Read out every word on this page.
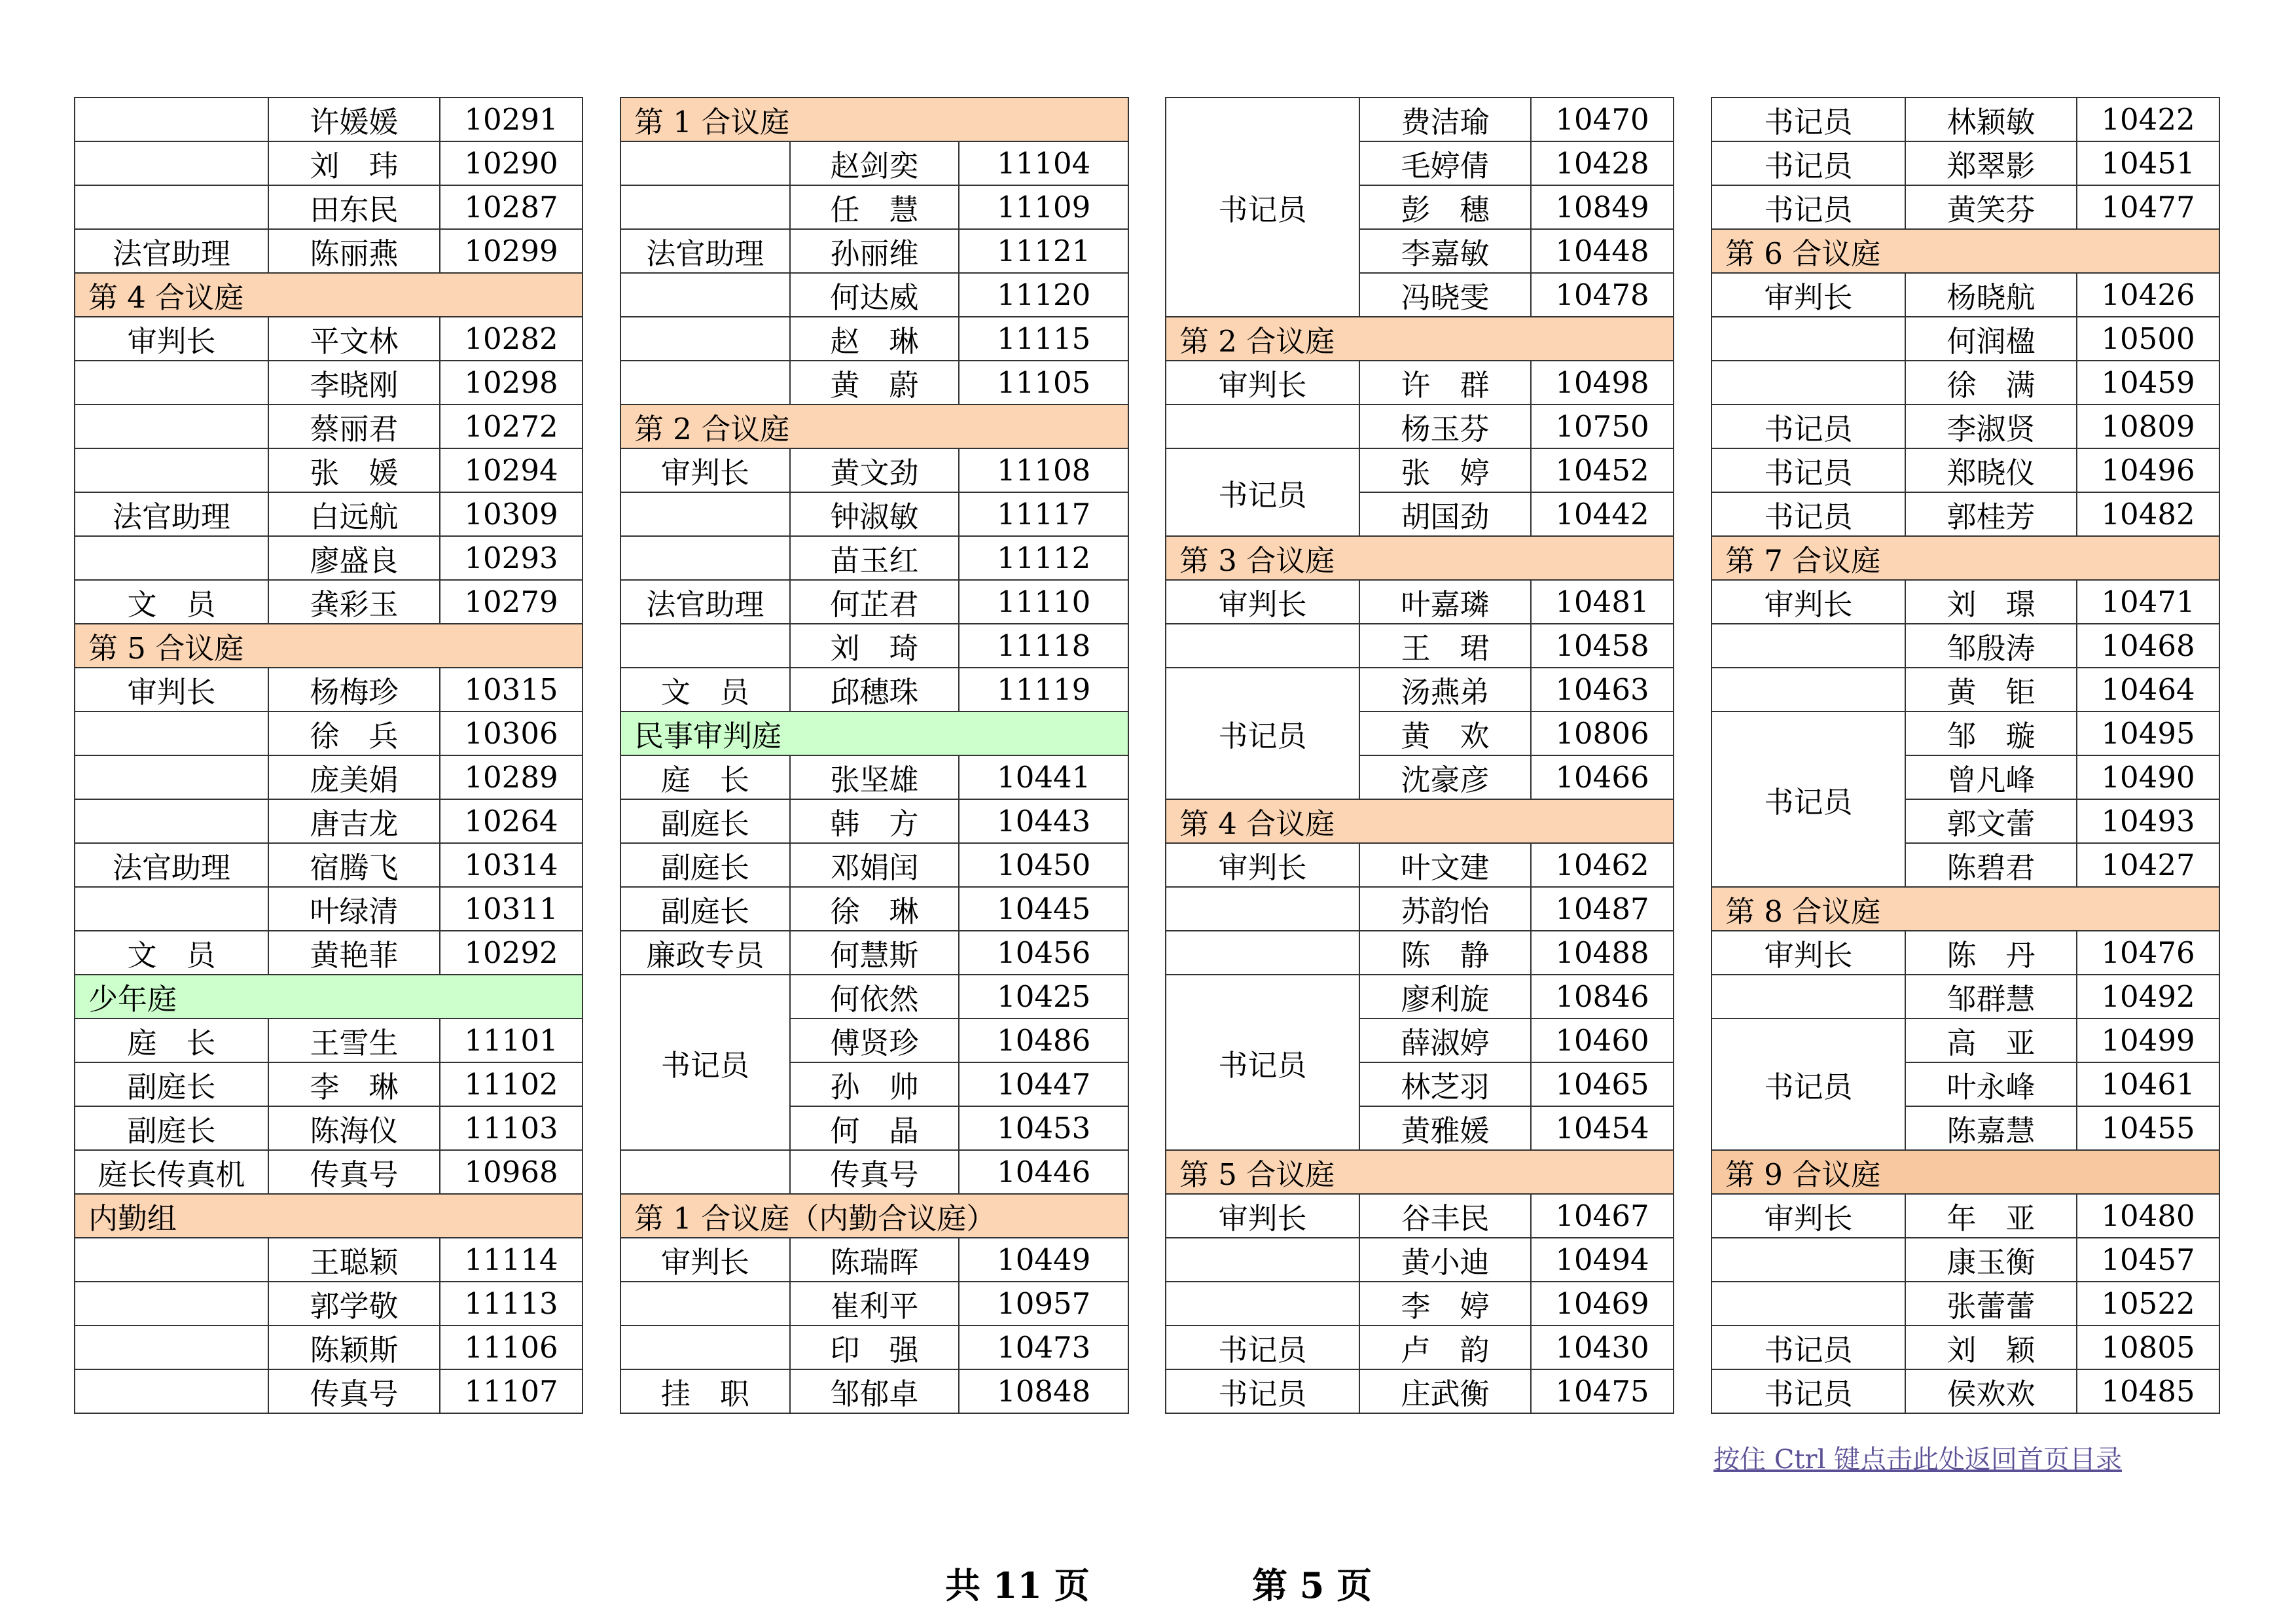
	许媛媛	10291
	刘　玮	10290
	田东民	10287
法官助理	陈丽燕	10299
第 4 合议庭		
审判长	平文林	10282
	李晓刚	10298
	蔡丽君	10272
	张　媛	10294
法官助理	白远航	10309
	廖盛良	10293
文　员	龚彩玉	10279
第 5 合议庭		
审判长	杨梅珍	10315
	徐　兵	10306
	庞美娟	10289
	唐吉龙	10264
法官助理	宿腾飞	10314
	叶绿清	10311
文　员	黄艳菲	10292
少年庭		
庭　长	王雪生	11101
副庭长	李　琳	11102
副庭长	陈海仪	11103
庭长传真机	传真号	10968
内勤组		
	王聪颖	11114
	郭学敬	11113
	陈颖斯	11106
	传真号	11107
第 1 合议庭		
	赵剑奕	11104
	任　慧	11109
法官助理	孙丽维	11121
	何达威	11120
	赵　琳	11115
	黄　蔚	11105
第 2 合议庭		
审判长	黄文劲	11108
	钟淑敏	11117
	苗玉红	11112
法官助理	何芷君	11110
	刘　琦	11118
文　员	邱穗珠	11119
民事审判庭		
庭　长	张坚雄	10441
副庭长	韩　方	10443
副庭长	邓娟闰	10450
副庭长	徐　琳	10445
廉政专员	何慧斯	10456
书记员	何依然	10425
	傅贤珍	10486
	孙　帅	10447
	何　晶	10453
	传真号	10446
第 1 合议庭（内勤合议庭）		
审判长	陈瑞晖	10449
	崔利平	10957
	印　强	10473
挂　职	邹郁卓	10848
书记员	费洁瑜	10470
	毛婷倩	10428
	彭　穗	10849
	李嘉敏	10448
	冯晓雯	10478
第 2 合议庭		
审判长	许　群	10498
	杨玉芬	10750
书记员	张　婷	10452
	胡国劲	10442
第 3 合议庭		
审判长	叶嘉璘	10481
	王　珺	10458
书记员	汤燕弟	10463
	黄　欢	10806
	沈豪彦	10466
第 4 合议庭		
审判长	叶文建	10462
	苏韵怡	10487
	陈　静	10488
书记员	廖利旋	10846
	薛淑婷	10460
	林芝羽	10465
	黄雅媛	10454
第 5 合议庭		
审判长	谷丰民	10467
	黄小迪	10494
	李　婷	10469
书记员	卢　韵	10430
书记员	庄武衡	10475
书记员	林颖敏	10422
书记员	郑翠影	10451
书记员	黄笑芬	10477
第 6 合议庭		
审判长	杨晓航	10426
	何润楹	10500
	徐　满	10459
书记员	李淑贤	10809
书记员	郑晓仪	10496
书记员	郭桂芳	10482
第 7 合议庭		
审判长	刘　璟	10471
	邹殷涛	10468
	黄　钜	10464
书记员	邹　璇	10495
	曾凡峰	10490
	郭文蕾	10493
	陈碧君	10427
第 8 合议庭		
审判长	陈　丹	10476
	邹群慧	10492
书记员	高　亚	10499
	叶永峰	10461
	陈嘉慧	10455
第 9 合议庭		
审判长	年　亚	10480
	康玉衡	10457
	张蕾蕾	10522
书记员	刘　颖	10805
书记员	侯欢欢	10485
按住 Ctrl 键点击此处返回首页目录
共 11 页	第 5 页
